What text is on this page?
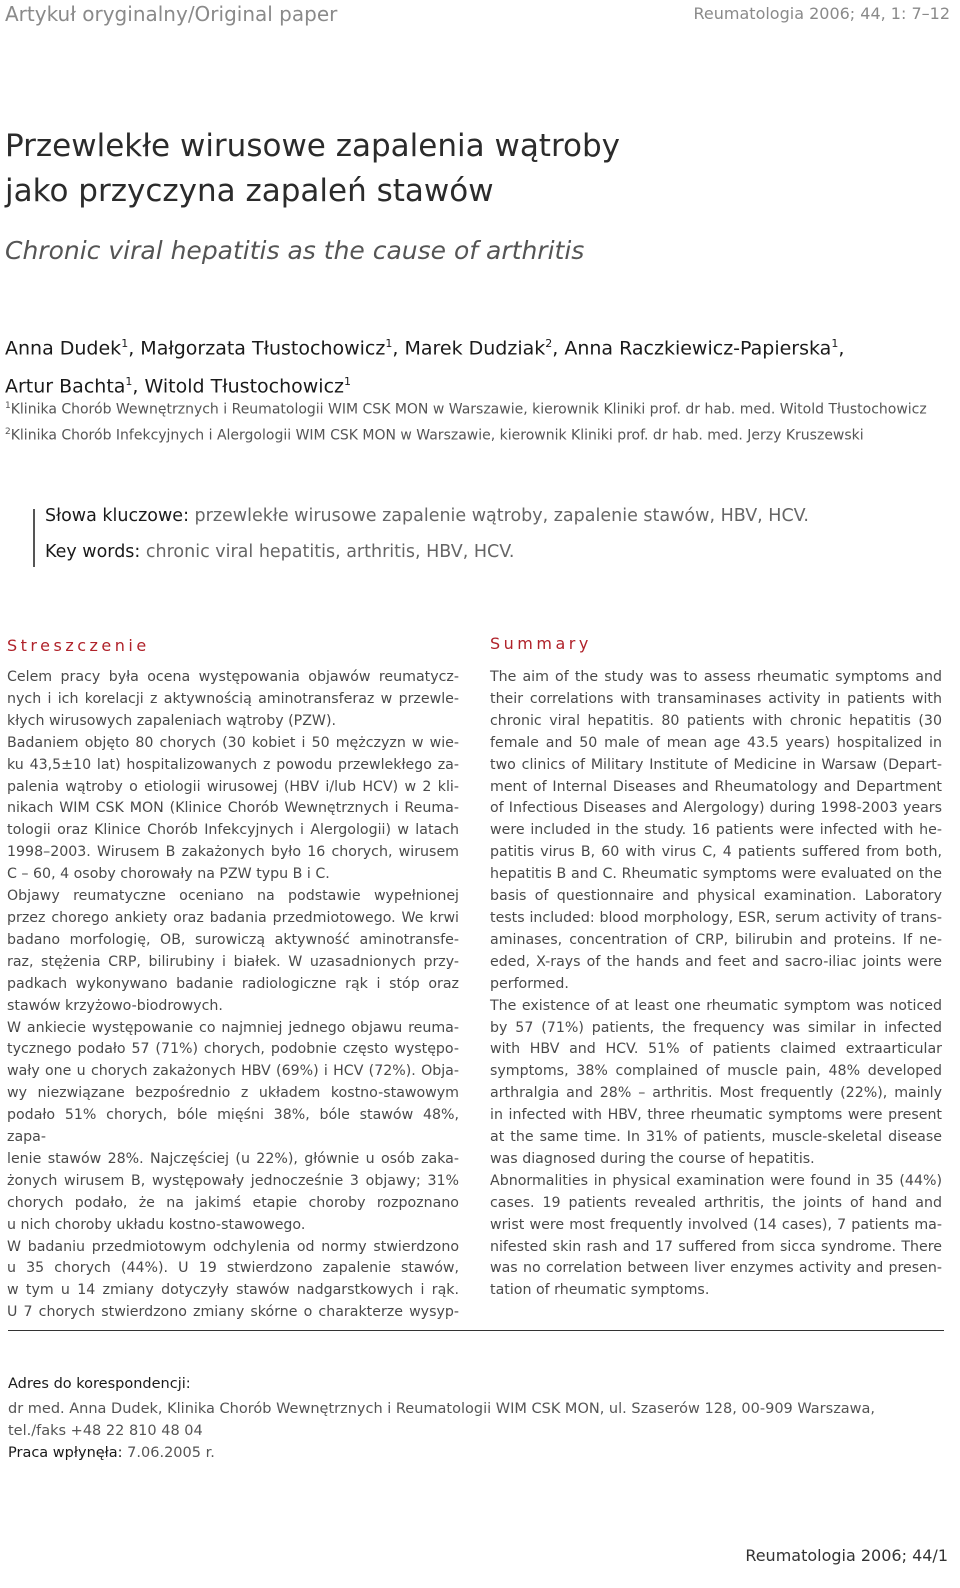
Artykuł oryginalny/Original paper	Reumatologia 2006; 44, 1: 7–12
Przewlekłe wirusowe zapalenia wątroby
jako przyczyna zapaleń stawów
Chronic viral hepatitis as the cause of arthritis
Anna Dudek$^1$, Małgorzata Tłustochowicz$^1$, Marek Dudziak$^2$, Anna Raczkiewicz-Papierska$^1$,
Artur Bachta$^1$, Witold Tłustochowicz$^1$
$^1$Klinika Chorób Wewnętrznych i Reumatologii WIM CSK MON w Warszawie, kierownik Kliniki prof. dr hab. med. Witold Tłustochowicz
$^2$Klinika Chorób Infekcyjnych i Alergologii WIM CSK MON w Warszawie, kierownik Kliniki prof. dr hab. med. Jerzy Kruszewski
Słowa kluczowe: przewlekłe wirusowe zapalenie wątroby, zapalenie stawów, HBV, HCV.
Key words: chronic viral hepatitis, arthritis, HBV, HCV.
Streszczenie

Celem pracy była ocena występowania objawów reumatycz-

nych i ich korelacji z aktywnością aminotransferaz w przewle-

kłych wirusowych zapaleniach wątroby (PZW).

Badaniem objęto 80 chorych (30 kobiet i 50 mężczyzn w wie-

ku 43,5±10 lat) hospitalizowanych z powodu przewlekłego za-

palenia wątroby o etiologii wirusowej (HBV i/lub HCV) w 2 kli-

nikach WIM CSK MON (Klinice Chorób Wewnętrznych i Reuma-

tologii oraz Klinice Chorób Infekcyjnych i Alergologii) w latach

1998–2003. Wirusem B zakażonych było 16 chorych, wirusem

C – 60, 4 osoby chorowały na PZW typu B i C.

Objawy reumatyczne oceniano na podstawie wypełnionej

przez chorego ankiety oraz badania przedmiotowego. We krwi

badano morfologię, OB, surowiczą aktywność aminotransfe-

raz, stężenia CRP, bilirubiny i białek. W uzasadnionych przy-

padkach wykonywano badanie radiologiczne rąk i stóp oraz

stawów krzyżowo-biodrowych.

W ankiecie występowanie co najmniej jednego objawu reuma-

tycznego podało 57 (71%) chorych, podobnie często występo-

wały one u chorych zakażonych HBV (69%) i HCV (72%). Obja-

wy niezwiązane bezpośrednio z układem kostno-stawowym

podało 51% chorych, bóle mięśni 38%, bóle stawów 48%, zapa-

lenie stawów 28%. Najczęściej (u 22%), głównie u osób zaka-

żonych wirusem B, występowały jednocześnie 3 objawy; 31%

chorych podało, że na jakimś etapie choroby rozpoznano

u nich choroby układu kostno-stawowego.

W badaniu przedmiotowym odchylenia od normy stwierdzono

u 35 chorych (44%). U 19 stwierdzono zapalenie stawów,

w tym u 14 zmiany dotyczyły stawów nadgarstkowych i rąk.

U 7 chorych stwierdzono zmiany skórne o charakterze wysyp-

Summary

The aim of the study was to assess rheumatic symptoms and

their correlations with transaminases activity in patients with

chronic viral hepatitis. 80 patients with chronic hepatitis (30

female and 50 male of mean age 43.5 years) hospitalized in

two clinics of Military Institute of Medicine in Warsaw (Depart-

ment of Internal Diseases and Rheumatology and Department

of Infectious Diseases and Alergology) during 1998-2003 years

were included in the study. 16 patients were infected with he-

patitis virus B, 60 with virus C, 4 patients suffered from both,

hepatitis B and C. Rheumatic symptoms were evaluated on the

basis of questionnaire and physical examination. Laboratory

tests included: blood morphology, ESR, serum activity of trans-

aminases, concentration of CRP, bilirubin and proteins. If ne-

eded, X-rays of the hands and feet and sacro-iliac joints were

performed.

The existence of at least one rheumatic symptom was noticed

by 57 (71%) patients, the frequency was similar in infected

with HBV and HCV. 51% of patients claimed extraarticular

symptoms, 38% complained of muscle pain, 48% developed

arthralgia and 28% – arthritis. Most frequently (22%), mainly

in infected with HBV, three rheumatic symptoms were present

at the same time. In 31% of patients, muscle-skeletal disease

was diagnosed during the course of hepatitis.

Abnormalities in physical examination were found in 35 (44%)

cases. 19 patients revealed arthritis, the joints of hand and

wrist were most frequently involved (14 cases), 7 patients ma-

nifested skin rash and 17 suffered from sicca syndrome. There

was no correlation between liver enzymes activity and presen-

tation of rheumatic symptoms.

Adres do korespondencji:
dr med. Anna Dudek, Klinika Chorób Wewnętrznych i Reumatologii WIM CSK MON, ul. Szaserów 128, 00-909 Warszawa,
tel./faks +48 22 810 48 04
Praca wpłynęła: 7.06.2005 r.
Reumatologia 2006; 44/1
